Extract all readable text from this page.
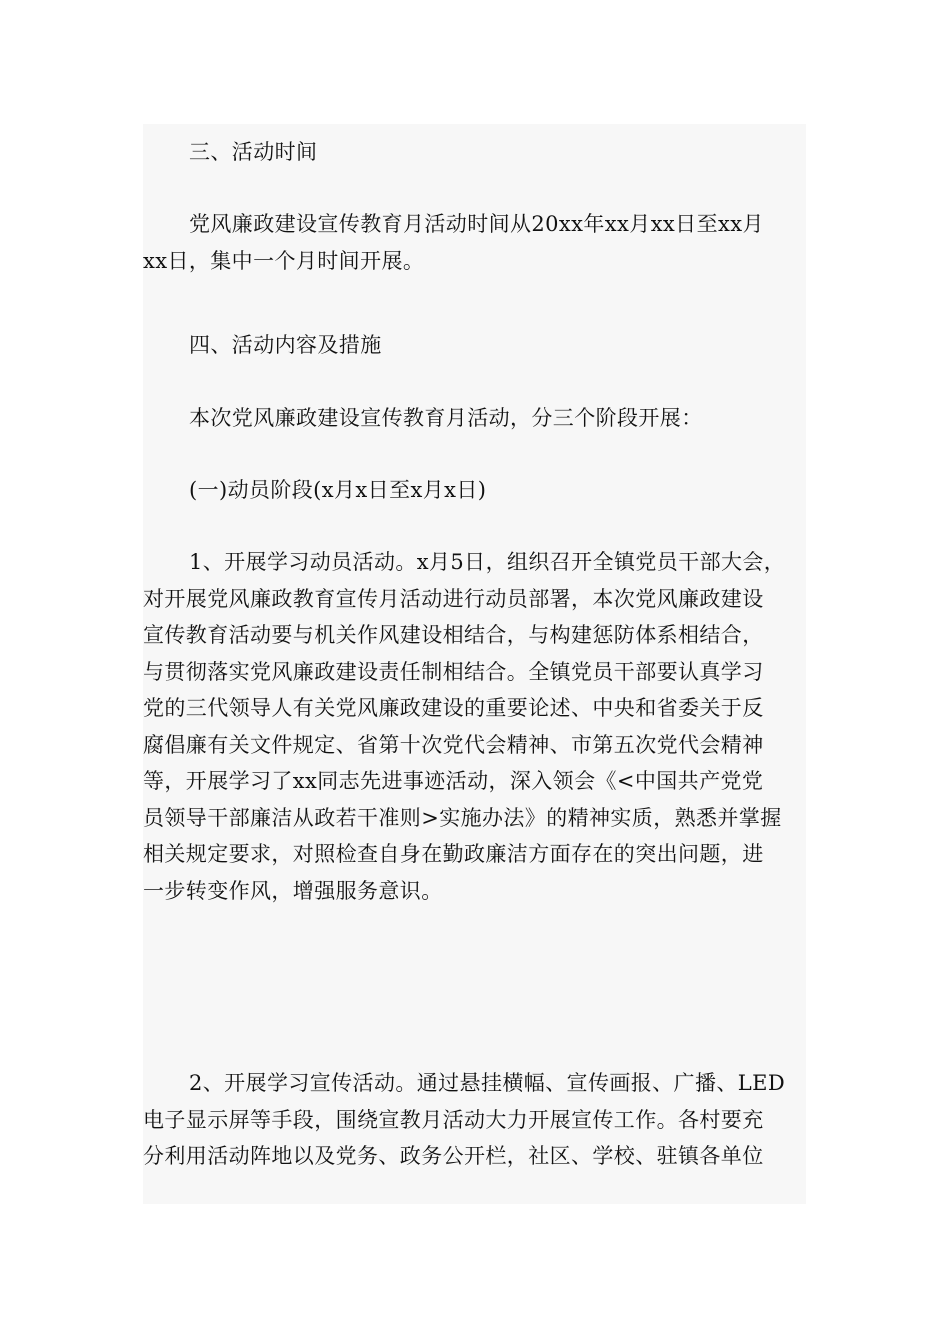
三、活动时间

党风廉政建设宣传教育月活动时间从20xx年xx月xx日至xx月
xx日，集中一个月时间开展。

四、活动内容及措施

本次党风廉政建设宣传教育月活动，分三个阶段开展：

(一)动员阶段(x月x日至x月x日)

1、开展学习动员活动。x月5日，组织召开全镇党员干部大会，
对开展党风廉政教育宣传月活动进行动员部署，本次党风廉政建设
宣传教育活动要与机关作风建设相结合，与构建惩防体系相结合，
与贯彻落实党风廉政建设责任制相结合。全镇党员干部要认真学习
党的三代领导人有关党风廉政建设的重要论述、中央和省委关于反
腐倡廉有关文件规定、省第十次党代会精神、市第五次党代会精神
等，开展学习了xx同志先进事迹活动，深入领会《<中国共产党党
员领导干部廉洁从政若干准则>实施办法》的精神实质，熟悉并掌握
相关规定要求，对照检查自身在勤政廉洁方面存在的突出问题，进
一步转变作风，增强服务意识。
2、开展学习宣传活动。通过悬挂横幅、宣传画报、广播、LED
电子显示屏等手段，围绕宣教月活动大力开展宣传工作。各村要充
分利用活动阵地以及党务、政务公开栏，社区、学校、驻镇各单位
